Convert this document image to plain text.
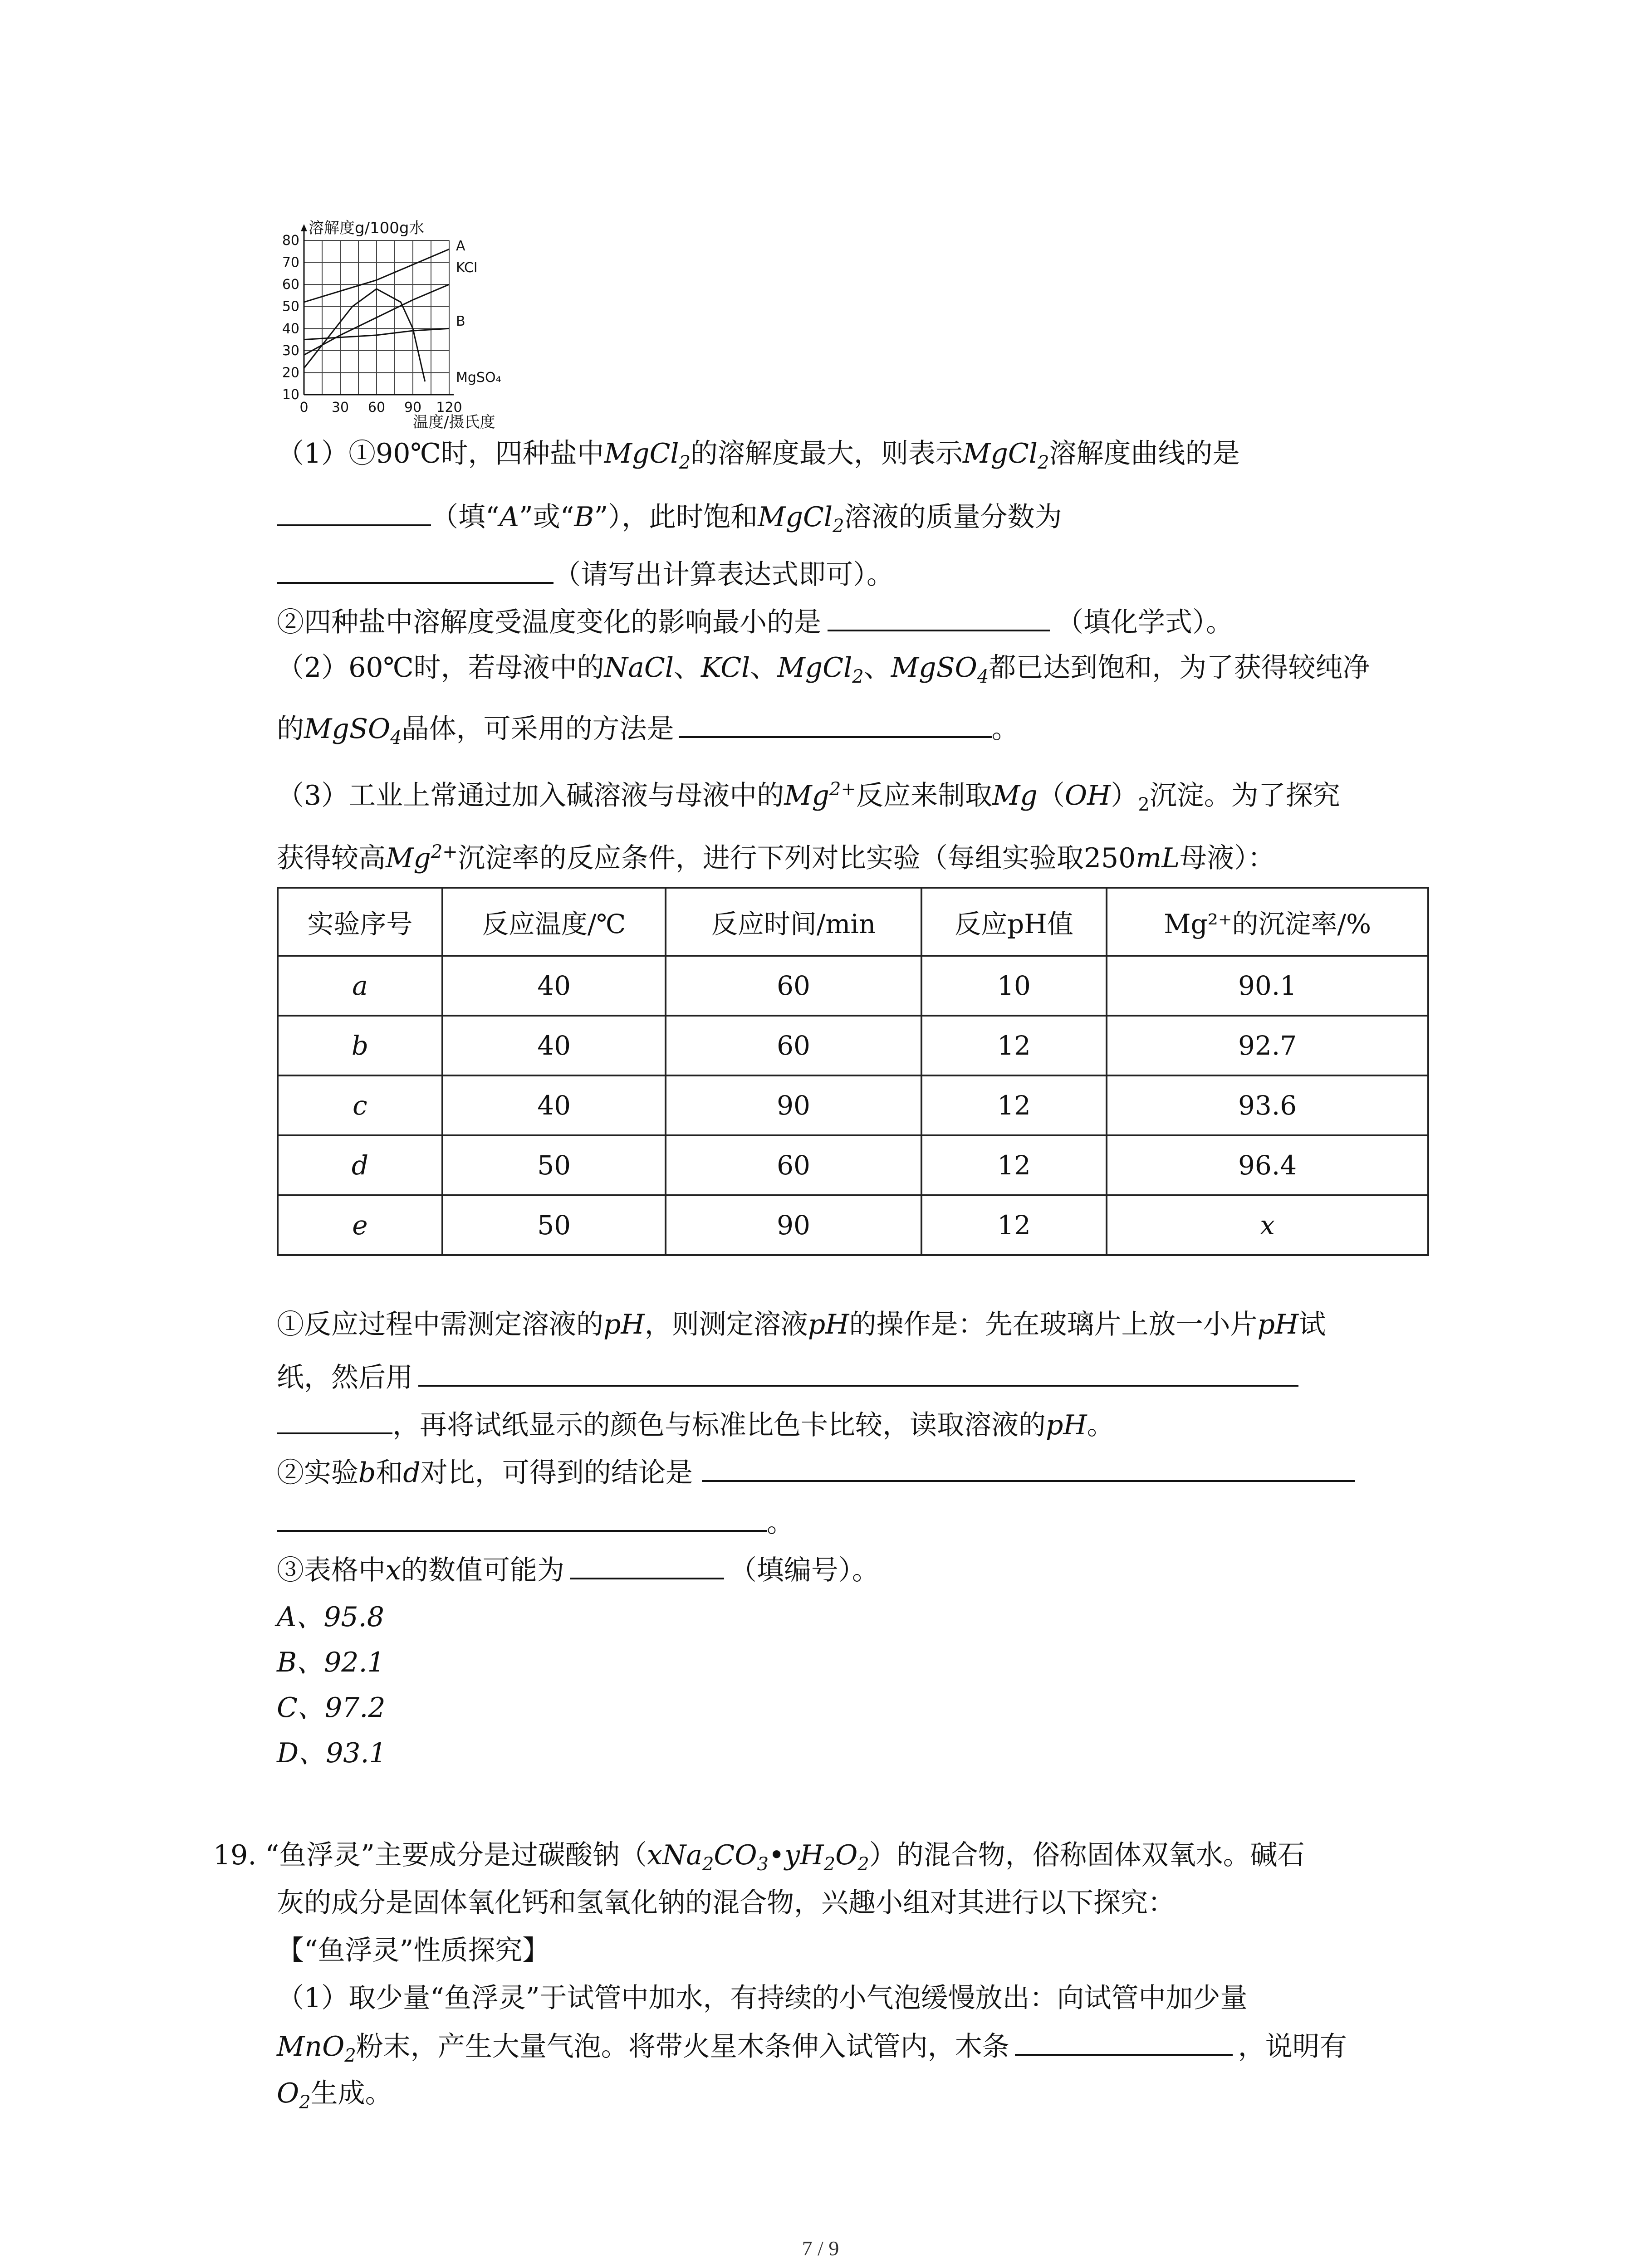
80
70
60
50
40
30
20
10
0 30 60 90 120
溶解度g/100g水
温度/摄氏度
A
KCl
B
MgSO₄
（1）①90℃时，四种盐中MgCl$_2$的溶解度最大，则表示MgCl$_2$溶解度曲线的是
（填“A”或“B”），此时饱和MgCl$_2$溶液的质量分数为
（请写出计算表达式即可）。
②四种盐中溶解度受温度变化的影响最小的是	（填化学式）。
（2）60℃时，若母液中的NaCl、KCl、MgCl$_2$、MgSO$_4$都已达到饱和，为了获得较纯净
的MgSO$_4$晶体，可采用的方法是	。
（3）工业上常通过加入碱溶液与母液中的$Mg^{2+}$反应来制取$Mg(OH)_2$沉淀。为了探究
获得较高$Mg^{2+}$沉淀率的反应条件，进行下列对比实验（每组实验取250mL母液）：
实验序号	反应温度/℃	反应时间/min	反应pH值	Mg²⁺的沉淀率/%
a	40	60	10	90.1
b	40	60	12	92.7
c	40	90	12	93.6
d	50	60	12	96.4
e	50	90	12	x
①反应过程中需测定溶液的pH，则测定溶液pH的操作是：先在玻璃片上放一小片pH试
纸，然后用
，再将试纸显示的颜色与标准比色卡比较，读取溶液的pH。
②实验b和d对比，可得到的结论是
。
③表格中x的数值可能为	（填编号）。
A、95.8
B、92.1
C、97.2
D、93.1
19. “鱼浮灵”主要成分是过碳酸钠$(xNa_2CO_3•yH_2O_2)$的混合物，俗称固体双氧水。碱石
灰的成分是固体氧化钙和氢氧化钠的混合物，兴趣小组对其进行以下探究：
【“鱼浮灵”性质探究】
（1）取少量“鱼浮灵”于试管中加水，有持续的小气泡缓慢放出：向试管中加少量
MnO$_2$粉末，产生大量气泡。将带火星木条伸入试管内，木条	，说明有
$O_2$生成。
7 / 9
